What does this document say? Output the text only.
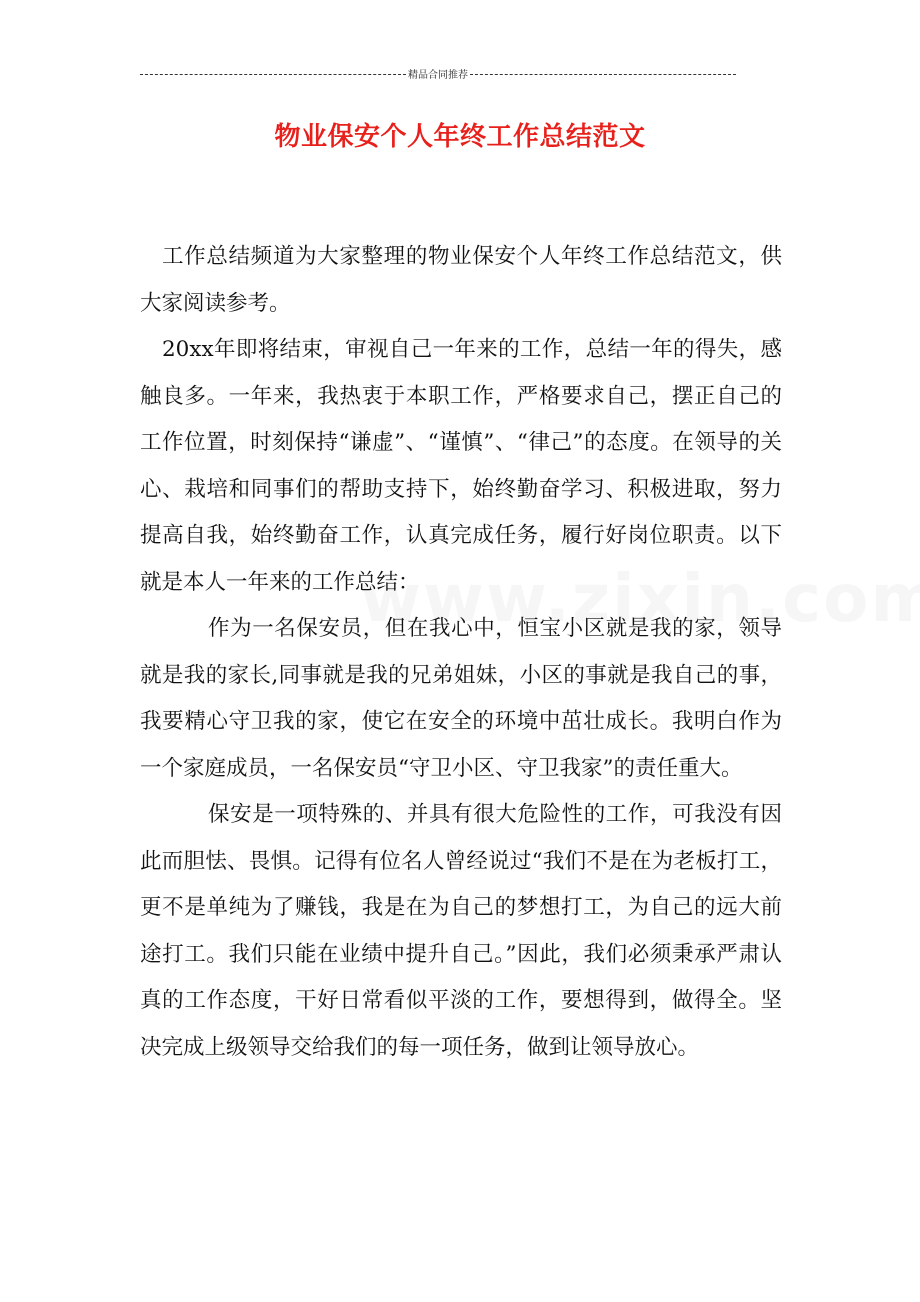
精品合同推荐
物业保安个人年终工作总结范文

工作总结频道为大家整理的物业保安个人年终工作总结范文，供大家阅读参考。

20xx年即将结束，审视自己一年来的工作，总结一年的得失，感触良多。一年来，我热衷于本职工作，严格要求自己，摆正自己的工作位置，时刻保持“谦虚”、“谨慎”、“律己”的态度。在领导的关心、栽培和同事们的帮助支持下，始终勤奋学习、积极进取，努力提高自我，始终勤奋工作，认真完成任务，履行好岗位职责。以下就是本人一年来的工作总结：

作为一名保安员，但在我心中，恒宝小区就是我的家，领导就是我的家长,同事就是我的兄弟姐妹，小区的事就是我自己的事，我要精心守卫我的家，使它在安全的环境中茁壮成长。我明白作为一个家庭成员，一名保安员“守卫小区、守卫我家”的责任重大。

保安是一项特殊的、并具有很大危险性的工作，可我没有因此而胆怯、畏惧。记得有位名人曾经说过“我们不是在为老板打工，更不是单纯为了赚钱，我是在为自己的梦想打工，为自己的远大前途打工。我们只能在业绩中提升自己。”因此，我们必须秉承严肃认真的工作态度，干好日常看似平淡的工作，要想得到，做得全。坚决完成上级领导交给我们的每一项任务，做到让领导放心。
